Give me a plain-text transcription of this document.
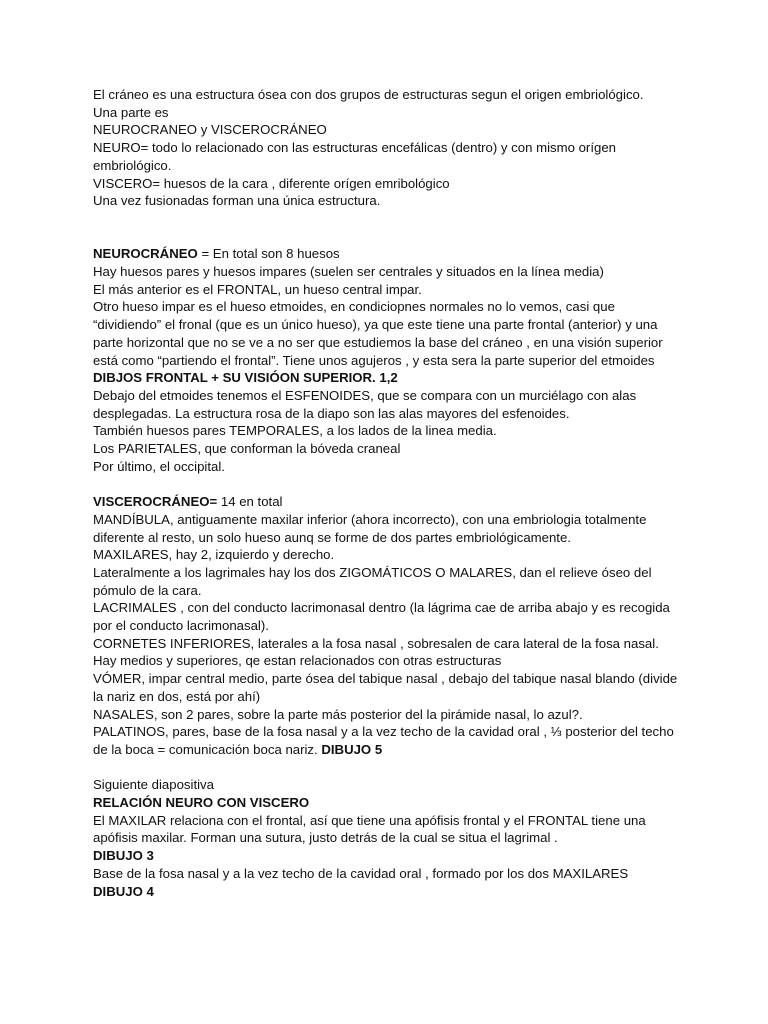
El cráneo es una estructura ósea con dos grupos de estructuras segun el origen embriológico.

Una parte es

NEUROCRANEO y VISCEROCRÁNEO

NEURO= todo lo relacionado con las estructuras encefálicas (dentro) y con mismo orígen embriológico.

VISCERO= huesos de la cara , diferente orígen emribológico

Una vez fusionadas forman una única estructura.

NEUROCRÁNEO = En total son 8 huesos

Hay huesos pares y huesos impares (suelen ser centrales y situados en la línea media)

El más anterior es el FRONTAL, un hueso central impar.

Otro hueso impar es el hueso etmoides, en condiciopnes normales no lo vemos, casi que “dividiendo” el fronal (que es un único hueso), ya que este tiene una parte frontal (anterior) y una parte horizontal que no se ve a no ser que estudiemos la base del cráneo , en una visión superior está como “partiendo el frontal”. Tiene unos agujeros , y esta sera la parte superior del etmoides DIBJOS FRONTAL + SU VISIÓON SUPERIOR. 1,2

Debajo del etmoides tenemos el ESFENOIDES, que se compara con un murciélago con alas desplegadas. La estructura rosa de la diapo son las alas mayores del esfenoides.

También huesos pares TEMPORALES, a los lados de la linea media.

Los PARIETALES, que conforman la bóveda craneal

Por último, el occipital.

VISCEROCRÁNEO= 14 en total

MANDÍBULA, antiguamente maxilar inferior (ahora incorrecto), con una embriologia totalmente diferente al resto, un solo hueso aunq se forme de dos partes embriológicamente.

MAXILARES, hay 2, izquierdo y derecho.

Lateralmente a los lagrimales hay los dos ZIGOMÁTICOS O MALARES, dan el relieve óseo del pómulo de la cara.

LACRIMALES , con del conducto lacrimonasal dentro (la lágrima cae de arriba abajo y es recogida por el conducto lacrimonasal).

CORNETES INFERIORES, laterales a la fosa nasal , sobresalen de cara lateral de la fosa nasal. Hay medios y superiores, qe estan relacionados con otras estructuras

VÓMER, impar central medio, parte ósea del tabique nasal , debajo del tabique nasal blando (divide la nariz en dos, está por ahí)

NASALES, son 2 pares, sobre la parte más posterior del la pirámide nasal, lo azul?.

PALATINOS, pares, base de la fosa nasal y a la vez techo de la cavidad oral , ⅓ posterior del techo de la boca = comunicación boca nariz. DIBUJO 5

Siguiente diapositiva

RELACIÓN NEURO CON VISCERO

El MAXILAR relaciona con el frontal, así que tiene una apófisis frontal y el FRONTAL tiene una apófisis maxilar. Forman una sutura, justo detrás de la cual se situa el lagrimal .

DIBUJO 3

Base de la fosa nasal y a la vez techo de la cavidad oral , formado por los dos MAXILARES

DIBUJO 4
